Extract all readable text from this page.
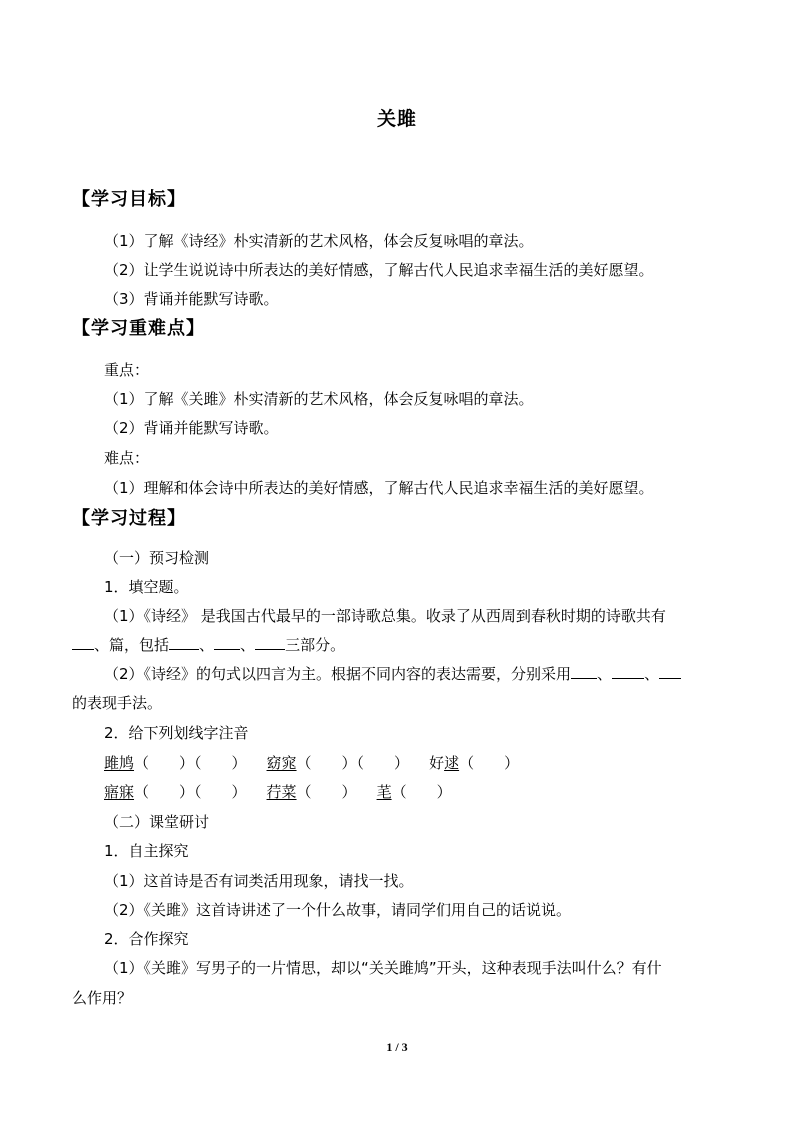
关雎
【学习目标】
（1）了解《诗经》朴实清新的艺术风格，体会反复咏唱的章法。
（2）让学生说说诗中所表达的美好情感，了解古代人民追求幸福生活的美好愿望。
（3）背诵并能默写诗歌。
【学习重难点】
重点：
（1）了解《关雎》朴实清新的艺术风格，体会反复咏唱的章法。
（2）背诵并能默写诗歌。
难点：
（1）理解和体会诗中所表达的美好情感，了解古代人民追求幸福生活的美好愿望。
【学习过程】
（一）预习检测
1．填空题。
（1）《诗经》 是我国古代最早的一部诗歌总集。收录了从西周到春秋时期的诗歌共有
、篇，包括 、 、 三部分。
（2）《诗经》的句式以四言为主。根据不同内容的表达需要，分别采用 、 、
的表现手法。
2．给下列划线字注音
雎鸠（　　）（　　） 窈窕（　　）（　　） 好逑（　　）
寤寐（　　）（　　） 荇菜（　　） 芼（　　）
（二）课堂研讨
1．自主探究
（1）这首诗是否有词类活用现象，请找一找。
（2）《关雎》这首诗讲述了一个什么故事，请同学们用自己的话说说。
2．合作探究
（1）《关雎》写男子的一片情思，却以“关关雎鸠”开头，这种表现手法叫什么？有什
么作用？
1 / 3
